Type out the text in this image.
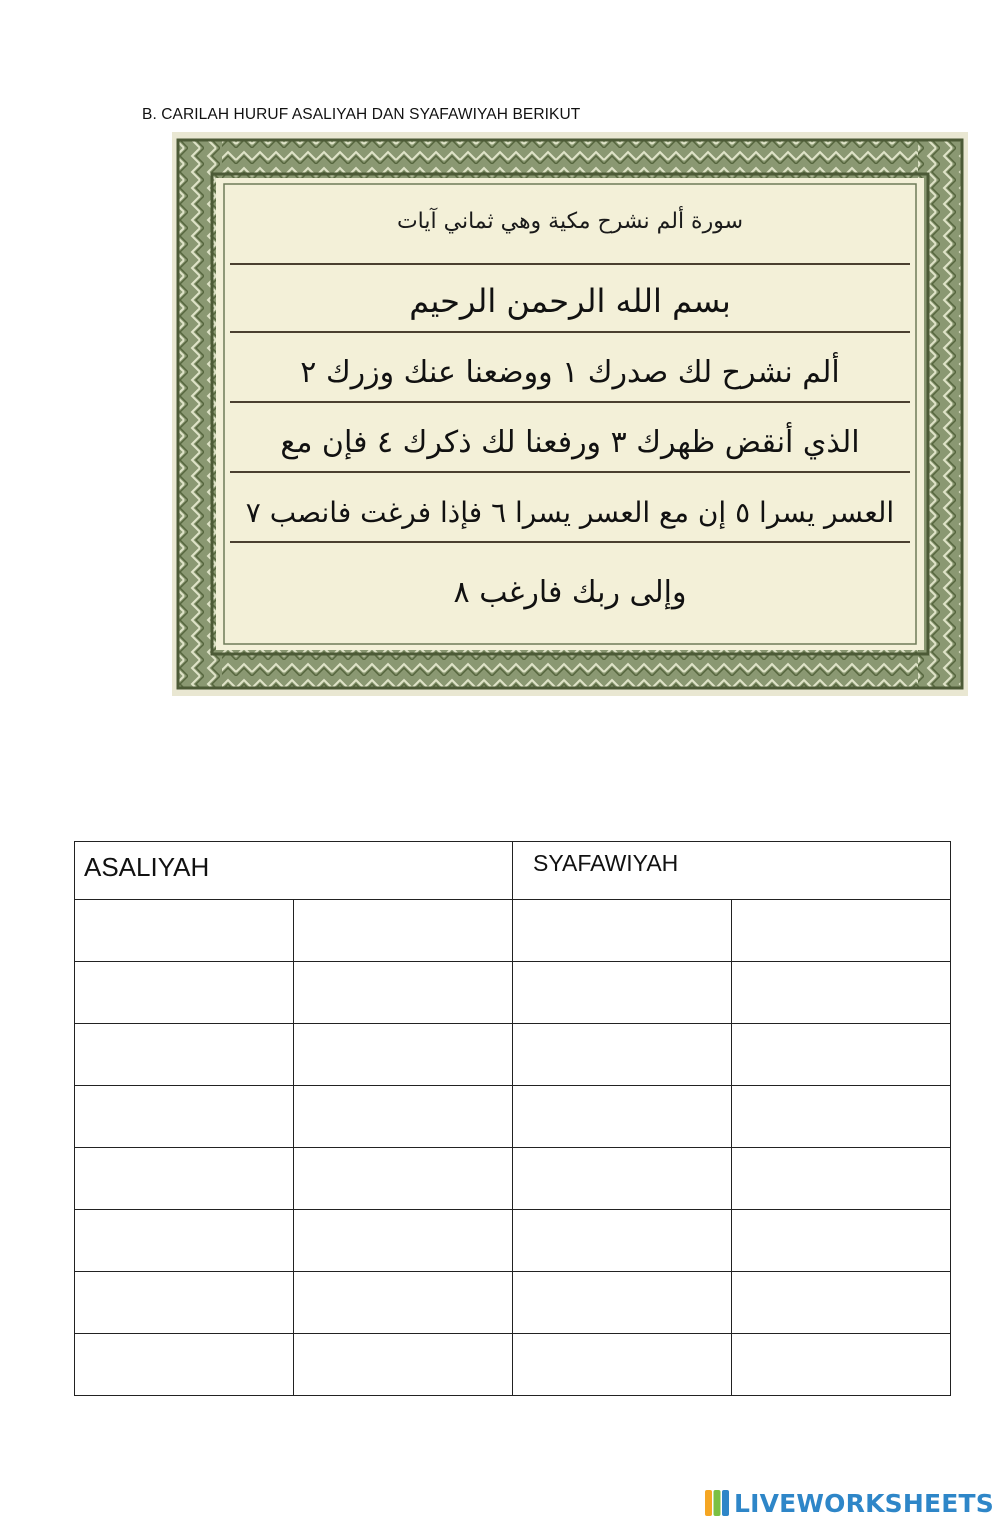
B. CARILAH HURUF ASALIYAH DAN SYAFAWIYAH BERIKUT
سورة ألم نشرح مكية وهي ثماني آيات
بسم الله الرحمن الرحيم
ألم نشرح لك صدرك ١ ووضعنا عنك وزرك ٢
الذي أنقض ظهرك ٣ ورفعنا لك ذكرك ٤ فإن مع
العسر يسرا ٥ إن مع العسر يسرا ٦ فإذا فرغت فانصب ٧
وإلى ربك فارغب ٨
ASALIYAH		SYAFAWIYAH	

LIVEWORKSHEETS
